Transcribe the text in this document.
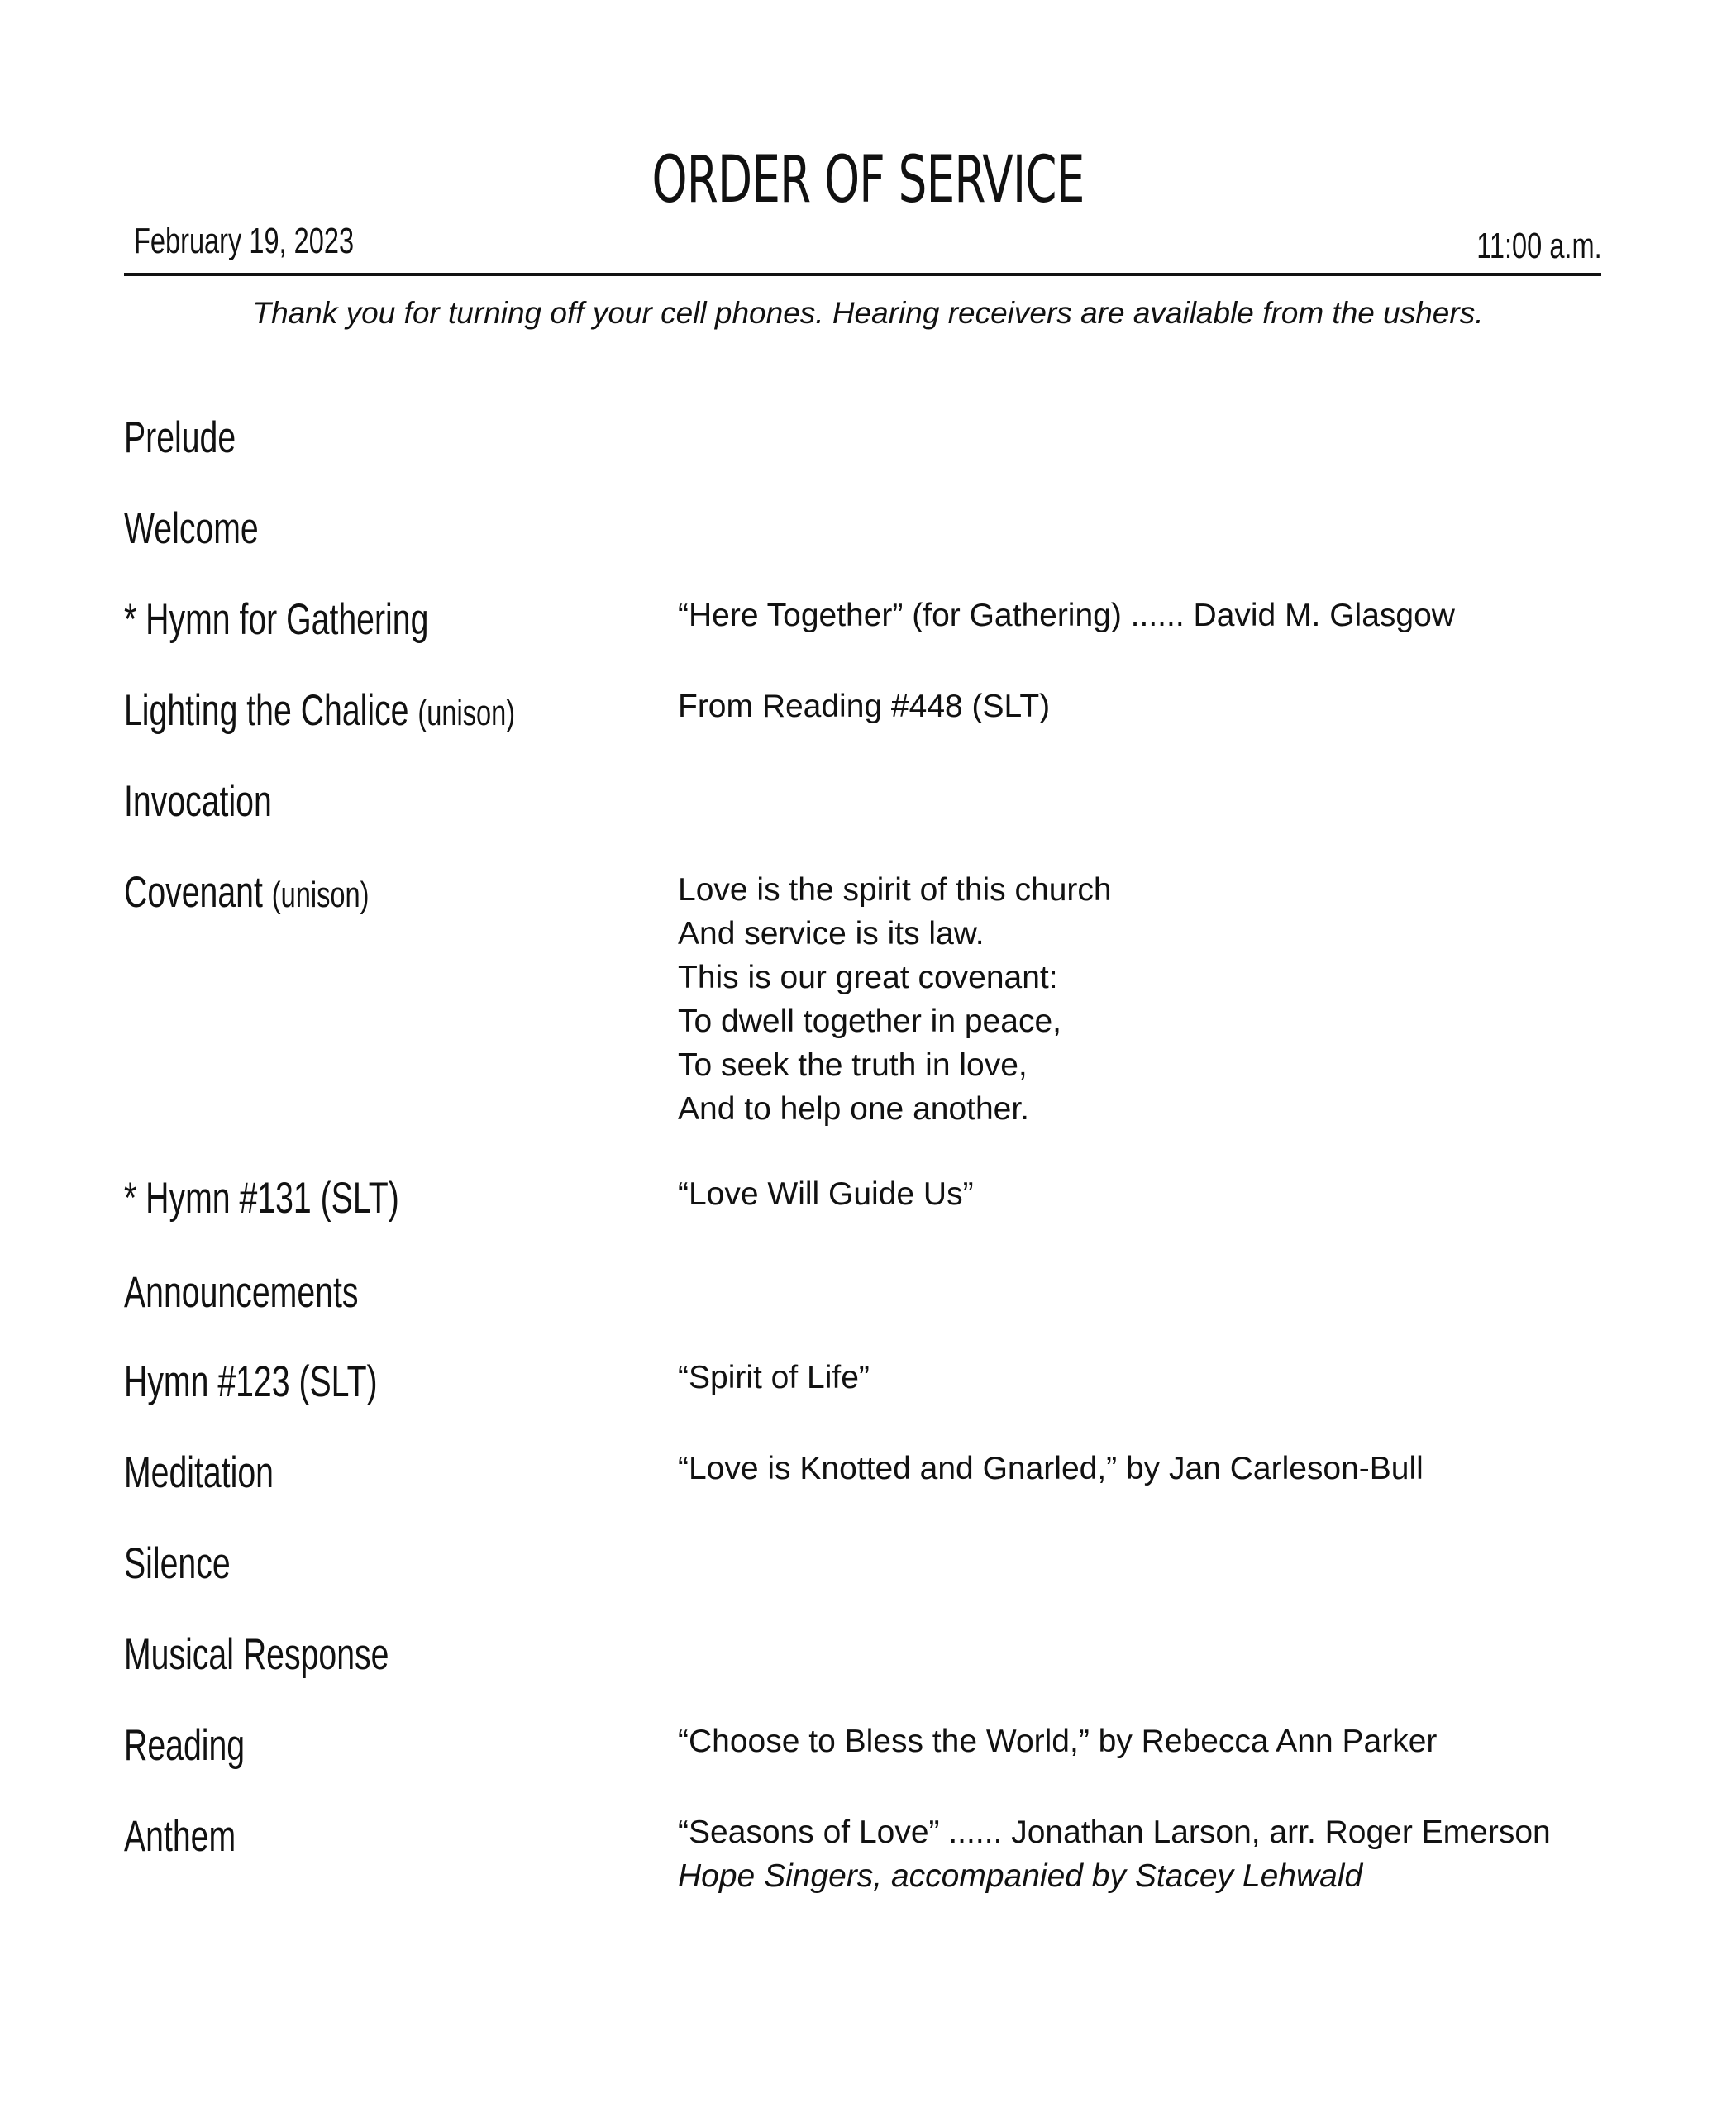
ORDER OF SERVICE
February 19, 2023	11:00 a.m.
Thank you for turning off your cell phones. Hearing receivers are available from the ushers.
Prelude
Welcome
* Hymn for Gathering	“Here Together” (for Gathering) ...... David M. Glasgow
Lighting the Chalice (unison)	From Reading #448 (SLT)
Invocation
Covenant (unison)	Love is the spirit of this church
And service is its law.
This is our great covenant:
To dwell together in peace,
To seek the truth in love,
And to help one another.
* Hymn #131 (SLT)	“Love Will Guide Us”
Announcements
Hymn #123 (SLT)	“Spirit of Life”
Meditation	“Love is Knotted and Gnarled,” by Jan Carleson-Bull
Silence
Musical Response
Reading	“Choose to Bless the World,” by Rebecca Ann Parker
Anthem	“Seasons of Love” ...... Jonathan Larson, arr. Roger Emerson
Hope Singers, accompanied by Stacey Lehwald
